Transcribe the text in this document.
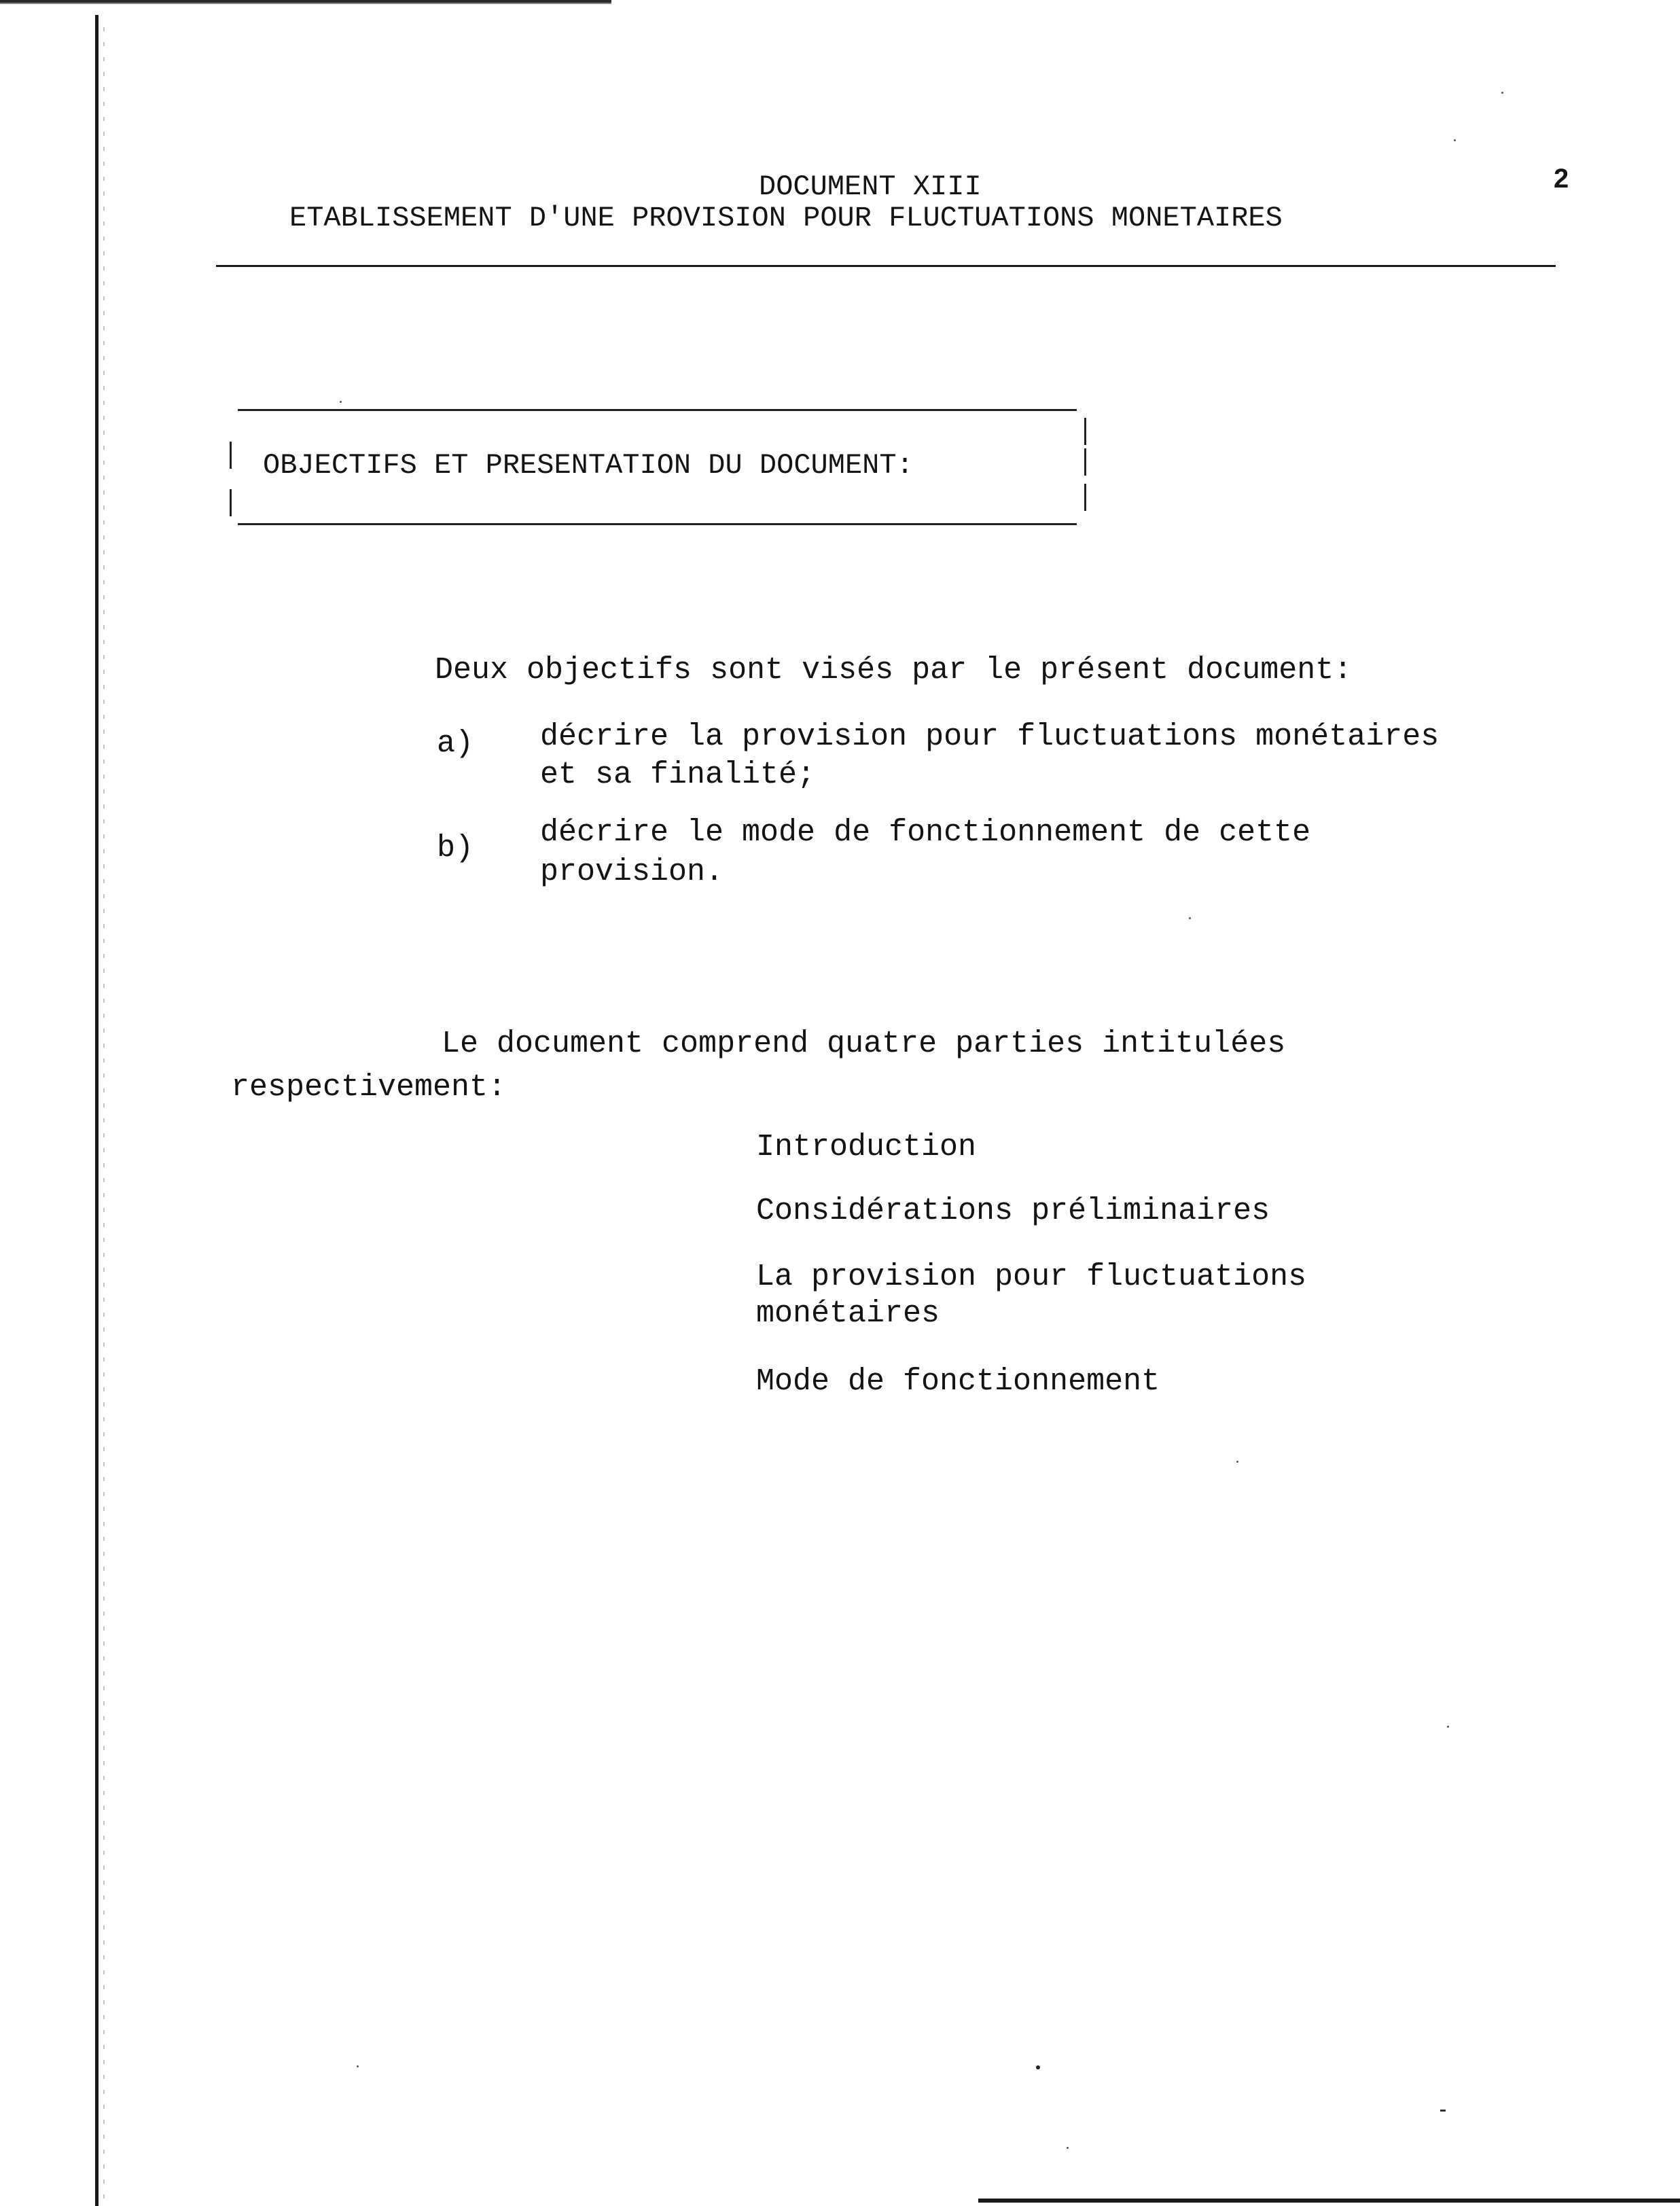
DOCUMENT XIII
ETABLISSEMENT D'UNE PROVISION POUR FLUCTUATIONS MONETAIRES
2
OBJECTIFS ET PRESENTATION DU DOCUMENT:
Deux objectifs sont visés par le présent document:
a) décrire la provision pour fluctuations monétaires
et sa finalité;
b) décrire le mode de fonctionnement de cette
provision.
Le document comprend quatre parties intitulées
respectivement:
Introduction
Considérations préliminaires
La provision pour fluctuations
monétaires
Mode de fonctionnement
